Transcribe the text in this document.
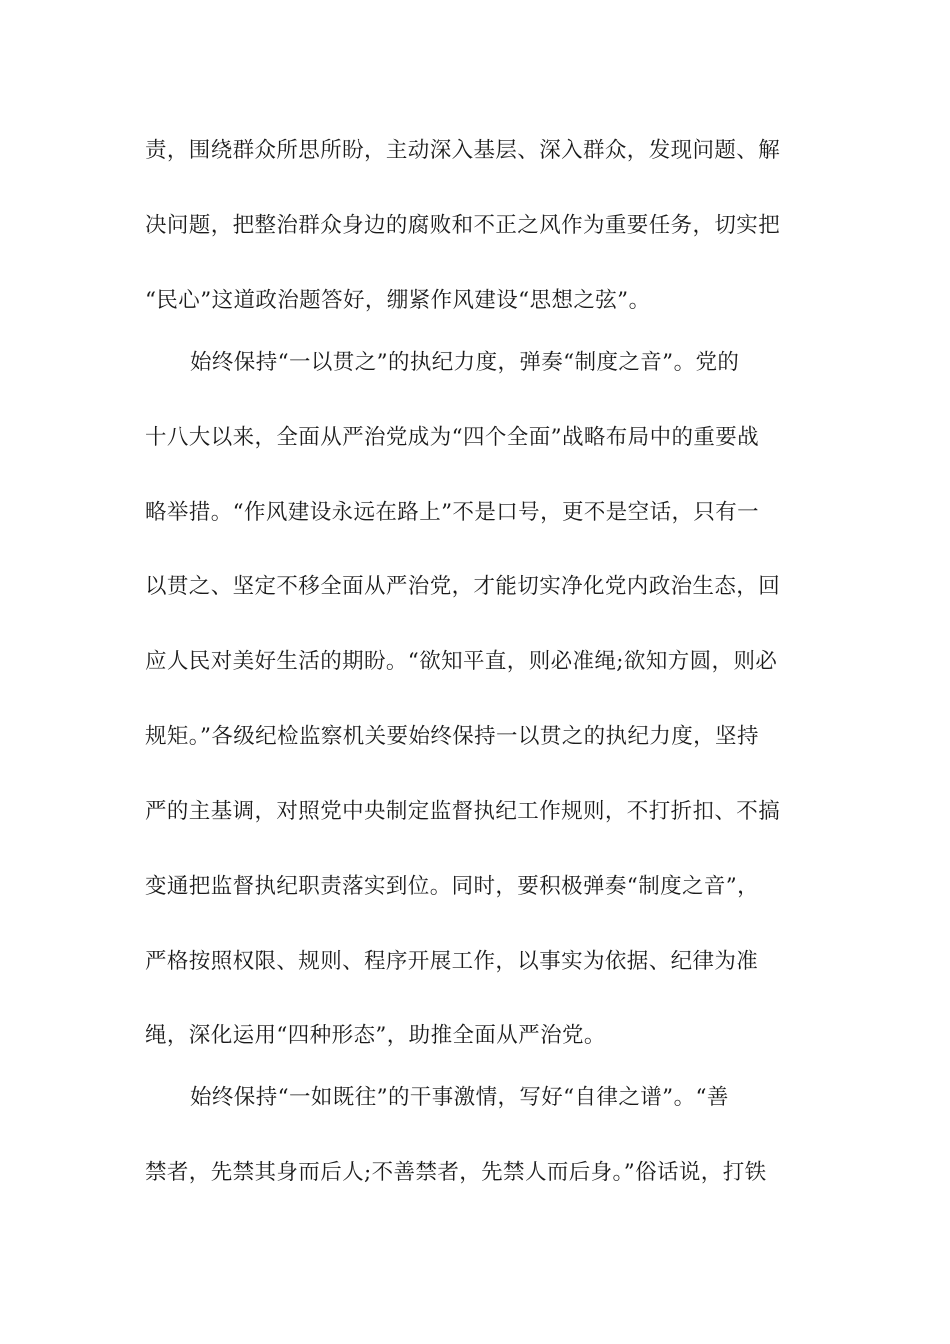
责，围绕群众所思所盼，主动深入基层、深入群众，发现问题、解
决问题，把整治群众身边的腐败和不正之风作为重要任务，切实把
“民心”这道政治题答好，绷紧作风建设“思想之弦”。
始终保持“一以贯之”的执纪力度，弹奏“制度之音”。党的
十八大以来，全面从严治党成为“四个全面”战略布局中的重要战
略举措。“作风建设永远在路上”不是口号，更不是空话，只有一
以贯之、坚定不移全面从严治党，才能切实净化党内政治生态，回
应人民对美好生活的期盼。“欲知平直，则必准绳;欲知方圆，则必
规矩。”各级纪检监察机关要始终保持一以贯之的执纪力度，坚持
严的主基调，对照党中央制定监督执纪工作规则，不打折扣、不搞
变通把监督执纪职责落实到位。同时，要积极弹奏“制度之音”，
严格按照权限、规则、程序开展工作，以事实为依据、纪律为准
绳，深化运用“四种形态”，助推全面从严治党。
始终保持“一如既往”的干事激情，写好“自律之谱”。“善
禁者，先禁其身而后人;不善禁者，先禁人而后身。”俗话说，打铁
